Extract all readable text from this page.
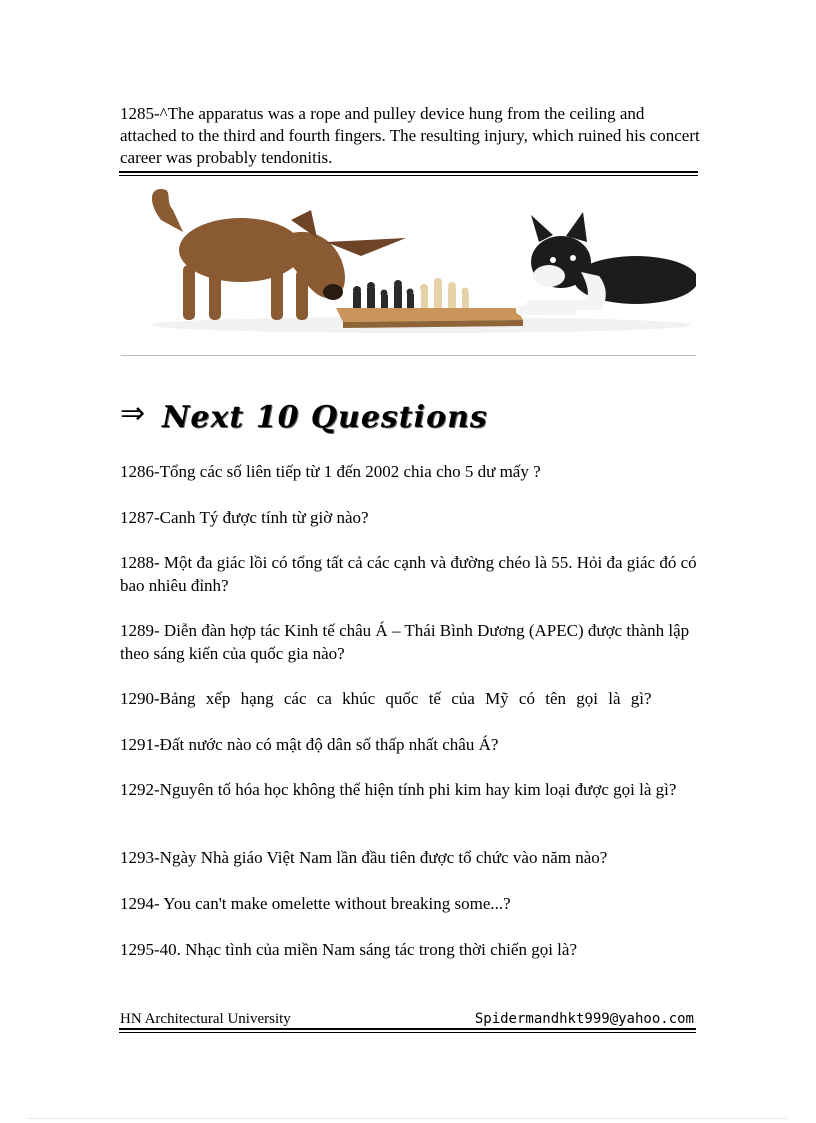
1285-^The apparatus was a rope and pulley device hung from the ceiling and attached to the third and fourth fingers. The resulting injury, which ruined his concert career was probably tendonitis.
⇒ Next 10 Questions
1286-Tổng các số liên tiếp từ 1 đến 2002 chia cho 5 dư mấy ?
1287-Canh Tý được tính từ giờ nào?
1288- Một đa giác lồi có tổng tất cả các cạnh và đường chéo là 55. Hỏi đa giác đó có bao nhiêu đỉnh?
1289- Diễn đàn hợp tác Kinh tế châu Á – Thái Bình Dương (APEC) được thành lập theo sáng kiến của quốc gia nào?
1290-Bảng xếp hạng các ca khúc quốc tế của Mỹ có tên gọi là gì?
1291-Đất nước nào có mật độ dân số thấp nhất châu Á?
1292-Nguyên tố hóa học không thể hiện tính phi kim hay kim loại được gọi là gì?
1293-Ngày Nhà giáo Việt Nam lần đầu tiên được tổ chức vào năm nào?
1294- You can't make omelette without breaking some...?
1295-40. Nhạc tình của miền Nam sáng tác trong thời chiến gọi là?
HN Architectural University	Spidermandhkt999@yahoo.com
